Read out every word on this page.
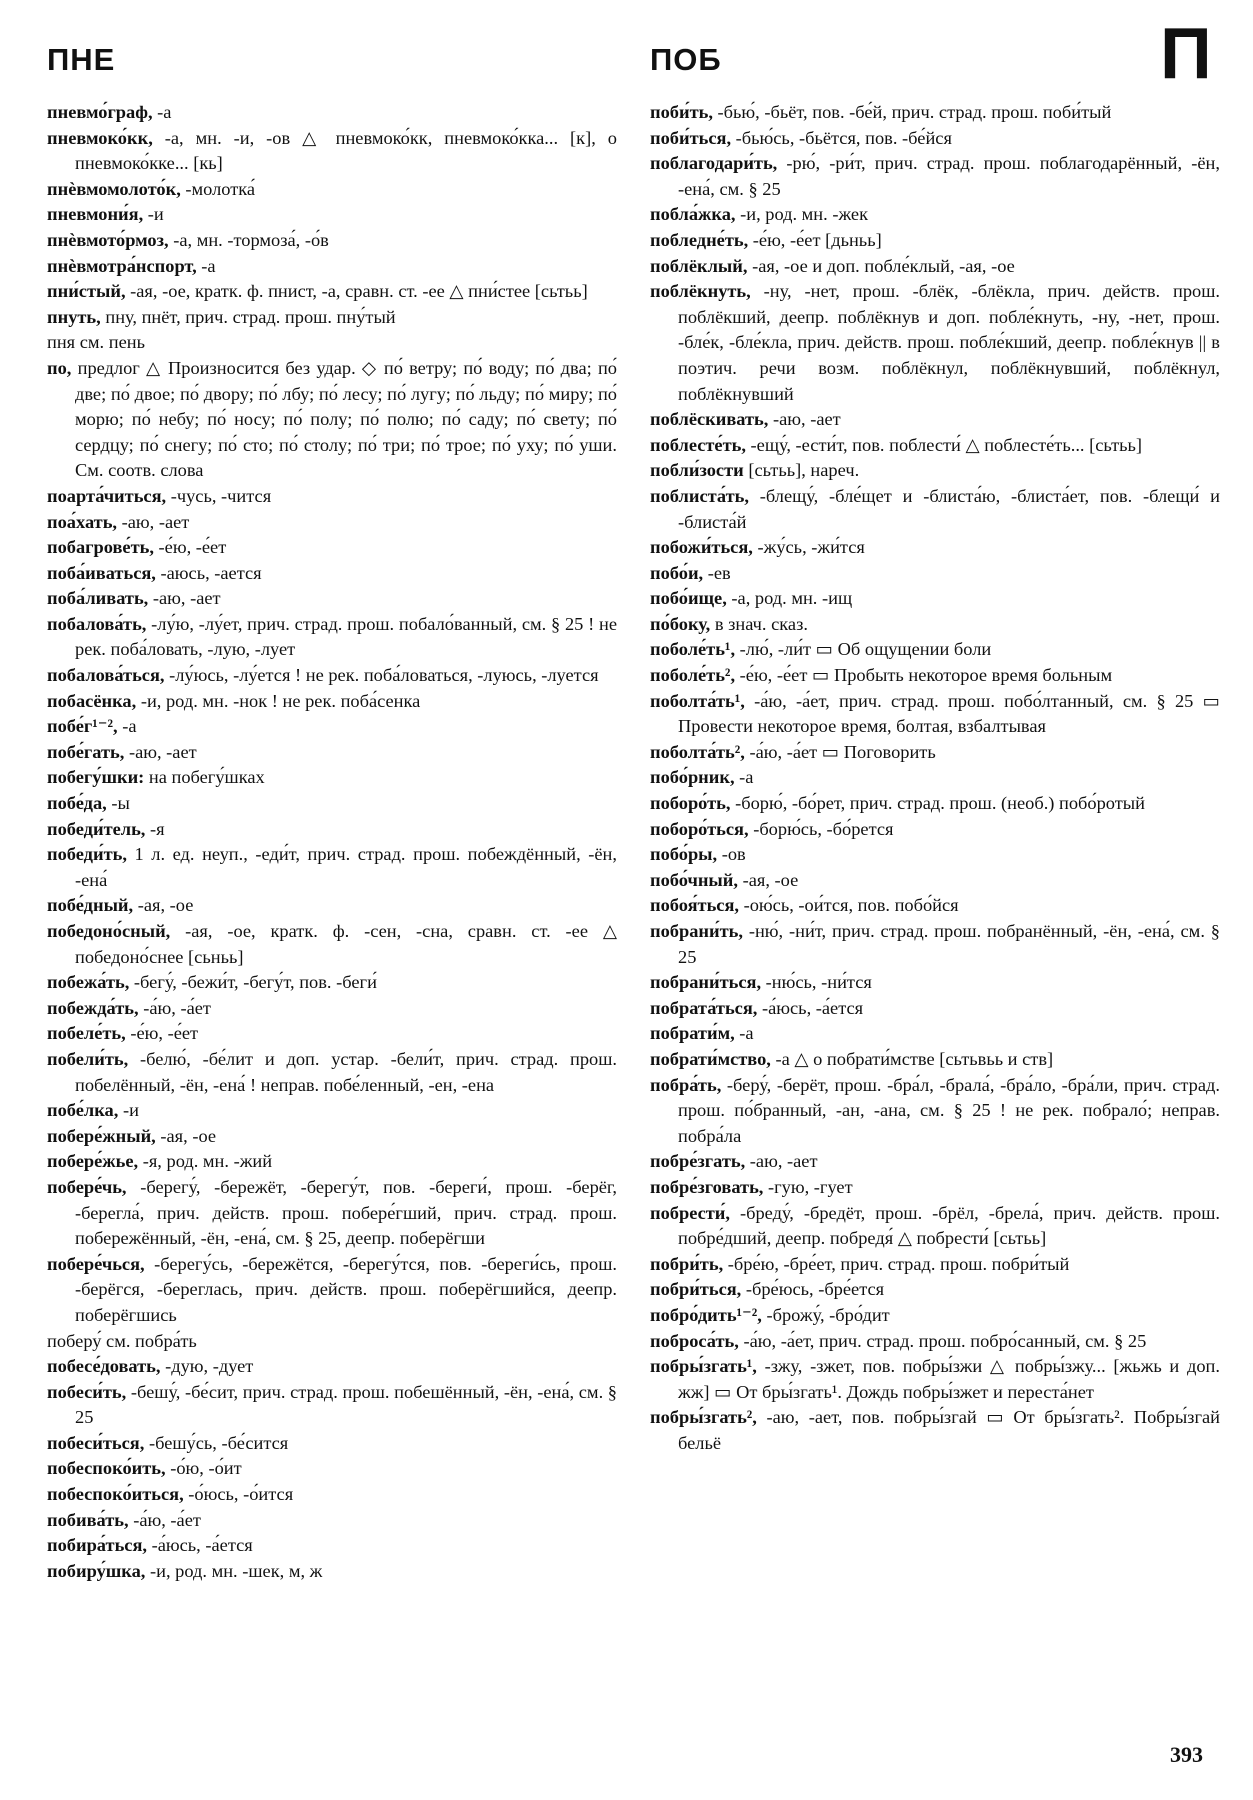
ПНЕ	ПОБ	П

пневмо́граф, -а

пневмоко́кк, -а, мн. -и, -ов △ пневмоко́кк, пневмоко́кка... [к], о пневмоко́кке... [кь]

пнѐвмомолото́к, -молотка́

пневмони́я, -и

пнѐвмото́рмоз, -а, мн. -тормоза́, -о́в

пнѐвмотра́нспорт, -а

пни́стый, -ая, -ое, кратк. ф. пнист, -а, сравн. ст. -ее △ пни́стее [сьтьь]

пнуть, пну, пнёт, прич. страд. прош. пну́тый

пня см. пень

по, предлог △ Произносится без удар. ◇ по́ ветру; по́ воду; по́ два; по́ две; по́ двое; по́ двору; по́ лбу; по́ лесу; по́ лугу; по́ льду; по́ миру; по́ морю; по́ небу; по́ носу; по́ полу; по́ полю; по́ саду; по́ свету; по́ сердцу; по́ снегу; по́ сто; по́ столу; по́ три; по́ трое; по́ уху; по́ уши. См. соотв. слова

поарта́читься, -чусь, -чится

поа́хать, -аю, -ает

побагрове́ть, -е́ю, -е́ет

поба́иваться, -аюсь, -ается

поба́ливать, -аю, -ает

побалова́ть, -лу́ю, -лу́ет, прич. страд. прош. побало́ванный, см. § 25 ! не рек. поба́ловать, -лую, -лует

побалова́ться, -лу́юсь, -лу́ется ! не рек. поба́ловаться, -луюсь, -луется

побасёнка, -и, род. мн. -нок ! не рек. поба́сенка

побе́г¹⁻², -а

побе́гать, -аю, -ает

побегу́шки: на побегу́шках

побе́да, -ы

победи́тель, -я

победи́ть, 1 л. ед. неуп., -еди́т, прич. страд. прош. побеждённый, -ён, -ена́

побе́дный, -ая, -ое

победоно́сный, -ая, -ое, кратк. ф. -сен, -сна, сравн. ст. -ее △ победоно́снее [сьньь]

побежа́ть, -бегу́, -бежи́т, -бегу́т, пов. -беги́

побежда́ть, -а́ю, -а́ет

побеле́ть, -е́ю, -е́ет

побели́ть, -белю́, -бе́лит и доп. устар. -бели́т, прич. страд. прош. побелённый, -ён, -ена́ ! неправ. побе́ленный, -ен, -ена

побе́лка, -и

побере́жный, -ая, -ое

побере́жье, -я, род. мн. -жий

побере́чь, -берегу́, -бережёт, -берегу́т, пов. -береги́, прош. -берёг, -берегла́, прич. действ. прош. побере́гший, прич. страд. прош. побережённый, -ён, -ена́, см. § 25, деепр. поберёгши

побере́чься, -берегу́сь, -бережётся, -берегу́тся, пов. -береги́сь, прош. -берёгся, -береглась, прич. действ. прош. поберёгшийся, деепр. поберёгшись

поберу́ см. побра́ть

побесе́довать, -дую, -дует

побеси́ть, -бешу́, -бе́сит, прич. страд. прош. побешённый, -ён, -ена́, см. § 25

побеси́ться, -бешу́сь, -бе́сится

побеспоко́ить, -о́ю, -о́ит

побеспоко́иться, -о́юсь, -о́ится

побива́ть, -а́ю, -а́ет

побира́ться, -а́юсь, -а́ется

побиру́шка, -и, род. мн. -шек, м, ж

поби́ть, -бью́, -бьёт, пов. -бе́й, прич. страд. прош. поби́тый

поби́ться, -бью́сь, -бьётся, пов. -бе́йся

поблагодари́ть, -рю́, -ри́т, прич. страд. прош. поблагодарённый, -ён, -ена́, см. § 25

побла́жка, -и, род. мн. -жек

побледне́ть, -е́ю, -е́ет [дьньь]

поблёклый, -ая, -ое и доп. побле́клый, -ая, -ое

поблёкнуть, -ну, -нет, прош. -блёк, -блёкла, прич. действ. прош. поблёкший, деепр. поблёкнув и доп. побле́кнуть, -ну, -нет, прош. -бле́к, -бле́кла, прич. действ. прош. побле́кший, деепр. побле́кнув || в поэтич. речи возм. поблёкнул, поблёкнувший, поблёкнул, поблёкнувший

поблёскивать, -аю, -ает

поблесте́ть, -ещу́, -ести́т, пов. поблести́ △ поблесте́ть... [сьтьь]

побли́зости [сьтьь], нареч.

поблиста́ть, -блещу́, -бле́щет и -блиста́ю, -блиста́ет, пов. -блещи́ и -блиста́й

побожи́ться, -жу́сь, -жи́тся

побо́и, -ев

побо́ище, -а, род. мн. -ищ

по́боку, в знач. сказ.

поболе́ть¹, -лю́, -ли́т ▭ Об ощущении боли

поболе́ть², -е́ю, -е́ет ▭ Пробыть некоторое время больным

поболта́ть¹, -а́ю, -а́ет, прич. страд. прош. побо́лтанный, см. § 25 ▭ Провести некоторое время, болтая, взбалтывая

поболта́ть², -а́ю, -а́ет ▭ Поговорить

побо́рник, -а

поборо́ть, -борю́, -бо́рет, прич. страд. прош. (необ.) побо́ротый

поборо́ться, -борю́сь, -бо́рется

побо́ры, -ов

побо́чный, -ая, -ое

побоя́ться, -ою́сь, -ои́тся, пов. побо́йся

побрани́ть, -ню́, -ни́т, прич. страд. прош. побранённый, -ён, -ена́, см. § 25

побрани́ться, -ню́сь, -ни́тся

побрата́ться, -а́юсь, -а́ется

побрати́м, -а

побрати́мство, -а △ о побрати́мстве [сьтьвьь и ств]

побра́ть, -беру́, -берёт, прош. -бра́л, -брала́, -бра́ло, -бра́ли, прич. страд. прош. по́бранный, -ан, -ана, см. § 25 ! не рек. побрало́; неправ. побра́ла

побре́згать, -аю, -ает

побре́зговать, -гую, -гует

побрести́, -бреду́, -бредёт, прош. -брёл, -брела́, прич. действ. прош. побре́дший, деепр. побредя́ △ побрести́ [сьтьь]

побри́ть, -бре́ю, -бре́ет, прич. страд. прош. побри́тый

побри́ться, -бре́юсь, -бре́ется

побро́дить¹⁻², -брожу́, -бро́дит

поброса́ть, -а́ю, -а́ет, прич. страд. прош. побро́санный, см. § 25

побры́згать¹, -зжу, -зжет, пов. побры́зжи △ побры́зжу... [жьжь и доп. жж] ▭ От бры́згать¹. Дождь побры́зжет и переста́нет

побры́згать², -аю, -ает, пов. побры́згай ▭ От бры́згать². Побры́згай бельё

393
